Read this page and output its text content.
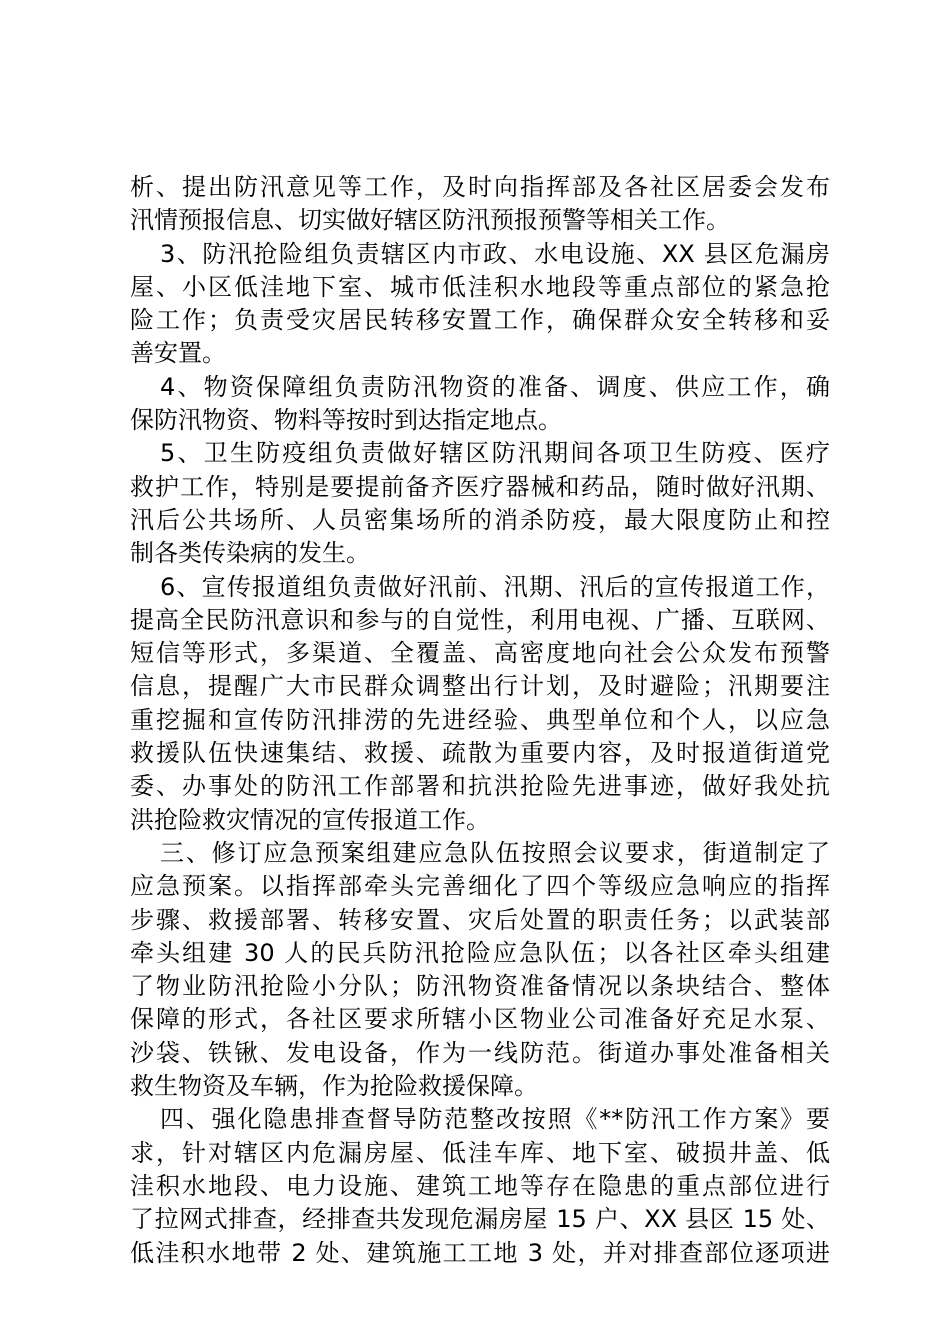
析、提出防汛意见等工作，及时向指挥部及各社区居委会发布
汛情预报信息、切实做好辖区防汛预报预警等相关工作。
3、防汛抢险组负责辖区内市政、水电设施、XX 县区危漏房
屋、小区低洼地下室、城市低洼积水地段等重点部位的紧急抢
险工作；负责受灾居民转移安置工作，确保群众安全转移和妥
善安置。
4、物资保障组负责防汛物资的准备、调度、供应工作，确
保防汛物资、物料等按时到达指定地点。
5、卫生防疫组负责做好辖区防汛期间各项卫生防疫、医疗
救护工作，特别是要提前备齐医疗器械和药品，随时做好汛期、
汛后公共场所、人员密集场所的消杀防疫，最大限度防止和控
制各类传染病的发生。
6、宣传报道组负责做好汛前、汛期、汛后的宣传报道工作，
提高全民防汛意识和参与的自觉性，利用电视、广播、互联网、
短信等形式，多渠道、全覆盖、高密度地向社会公众发布预警
信息，提醒广大市民群众调整出行计划，及时避险；汛期要注
重挖掘和宣传防汛排涝的先进经验、典型单位和个人，以应急
救援队伍快速集结、救援、疏散为重要内容，及时报道街道党
委、办事处的防汛工作部署和抗洪抢险先进事迹，做好我处抗
洪抢险救灾情况的宣传报道工作。
三、修订应急预案组建应急队伍按照会议要求，街道制定了
应急预案。以指挥部牵头完善细化了四个等级应急响应的指挥
步骤、救援部署、转移安置、灾后处置的职责任务；以武装部
牵头组建 30 人的民兵防汛抢险应急队伍；以各社区牵头组建
了物业防汛抢险小分队；防汛物资准备情况以条块结合、整体
保障的形式，各社区要求所辖小区物业公司准备好充足水泵、
沙袋、铁锹、发电设备，作为一线防范。街道办事处准备相关
救生物资及车辆，作为抢险救援保障。
四、强化隐患排查督导防范整改按照《**防汛工作方案》要
求，针对辖区内危漏房屋、低洼车库、地下室、破损井盖、低
洼积水地段、电力设施、建筑工地等存在隐患的重点部位进行
了拉网式排查，经排查共发现危漏房屋 15 户、XX 县区 15 处、
低洼积水地带 2 处、建筑施工工地 3 处，并对排查部位逐项进
